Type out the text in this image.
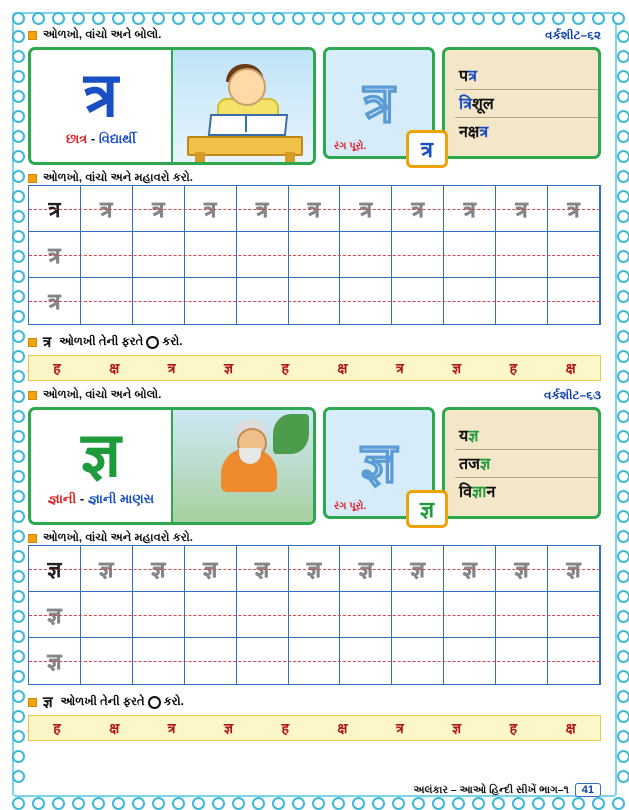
ઓળખો, વાંચો અને બોલો.	વર્કશીટ–૬૨
त्र
છાત્ર - વિદ્યાર્થી
त्र
રંગ પૂરો.	त्र
पत्र
त्रिशूल
नक्षत्र
ઓળખો, વાંચો અને મહાવરો કરો.
त्र त्र त्र त्र त्र त्र त्र त्र त्र त्र त्र
त्र
त्र
त्र ઓળખી તેની ફરતે કરો.
ह	क्ष	त्र	ज्ञ	ह	क्ष	त्र	ज्ञ	ह	क्ष
ઓળખો, વાંચો અને બોલો.	વર્કશીટ–૬૩
ज्ञ
જ્ઞાની - જ્ઞાની માણસ
ज्ञ
રંગ પૂરો.	ज्ञ
यज्ञ
तजज्ञ
विज्ञान
ઓળખો, વાંચો અને મહાવરો કરો.
ज्ञ ज्ञ ज्ञ ज्ञ ज्ञ ज्ञ ज्ञ ज्ञ ज्ञ ज्ञ ज्ञ
ज्ञ
ज्ञ
ज्ञ ઓળખી તેની ફરતે કરો.
ह	क्ष	त्र	ज्ञ	ह	क्ष	त्र	ज्ञ	ह	क्ष
અલંકાર – આઓ હિન્દી સીખેં ભાગ–૧	41
